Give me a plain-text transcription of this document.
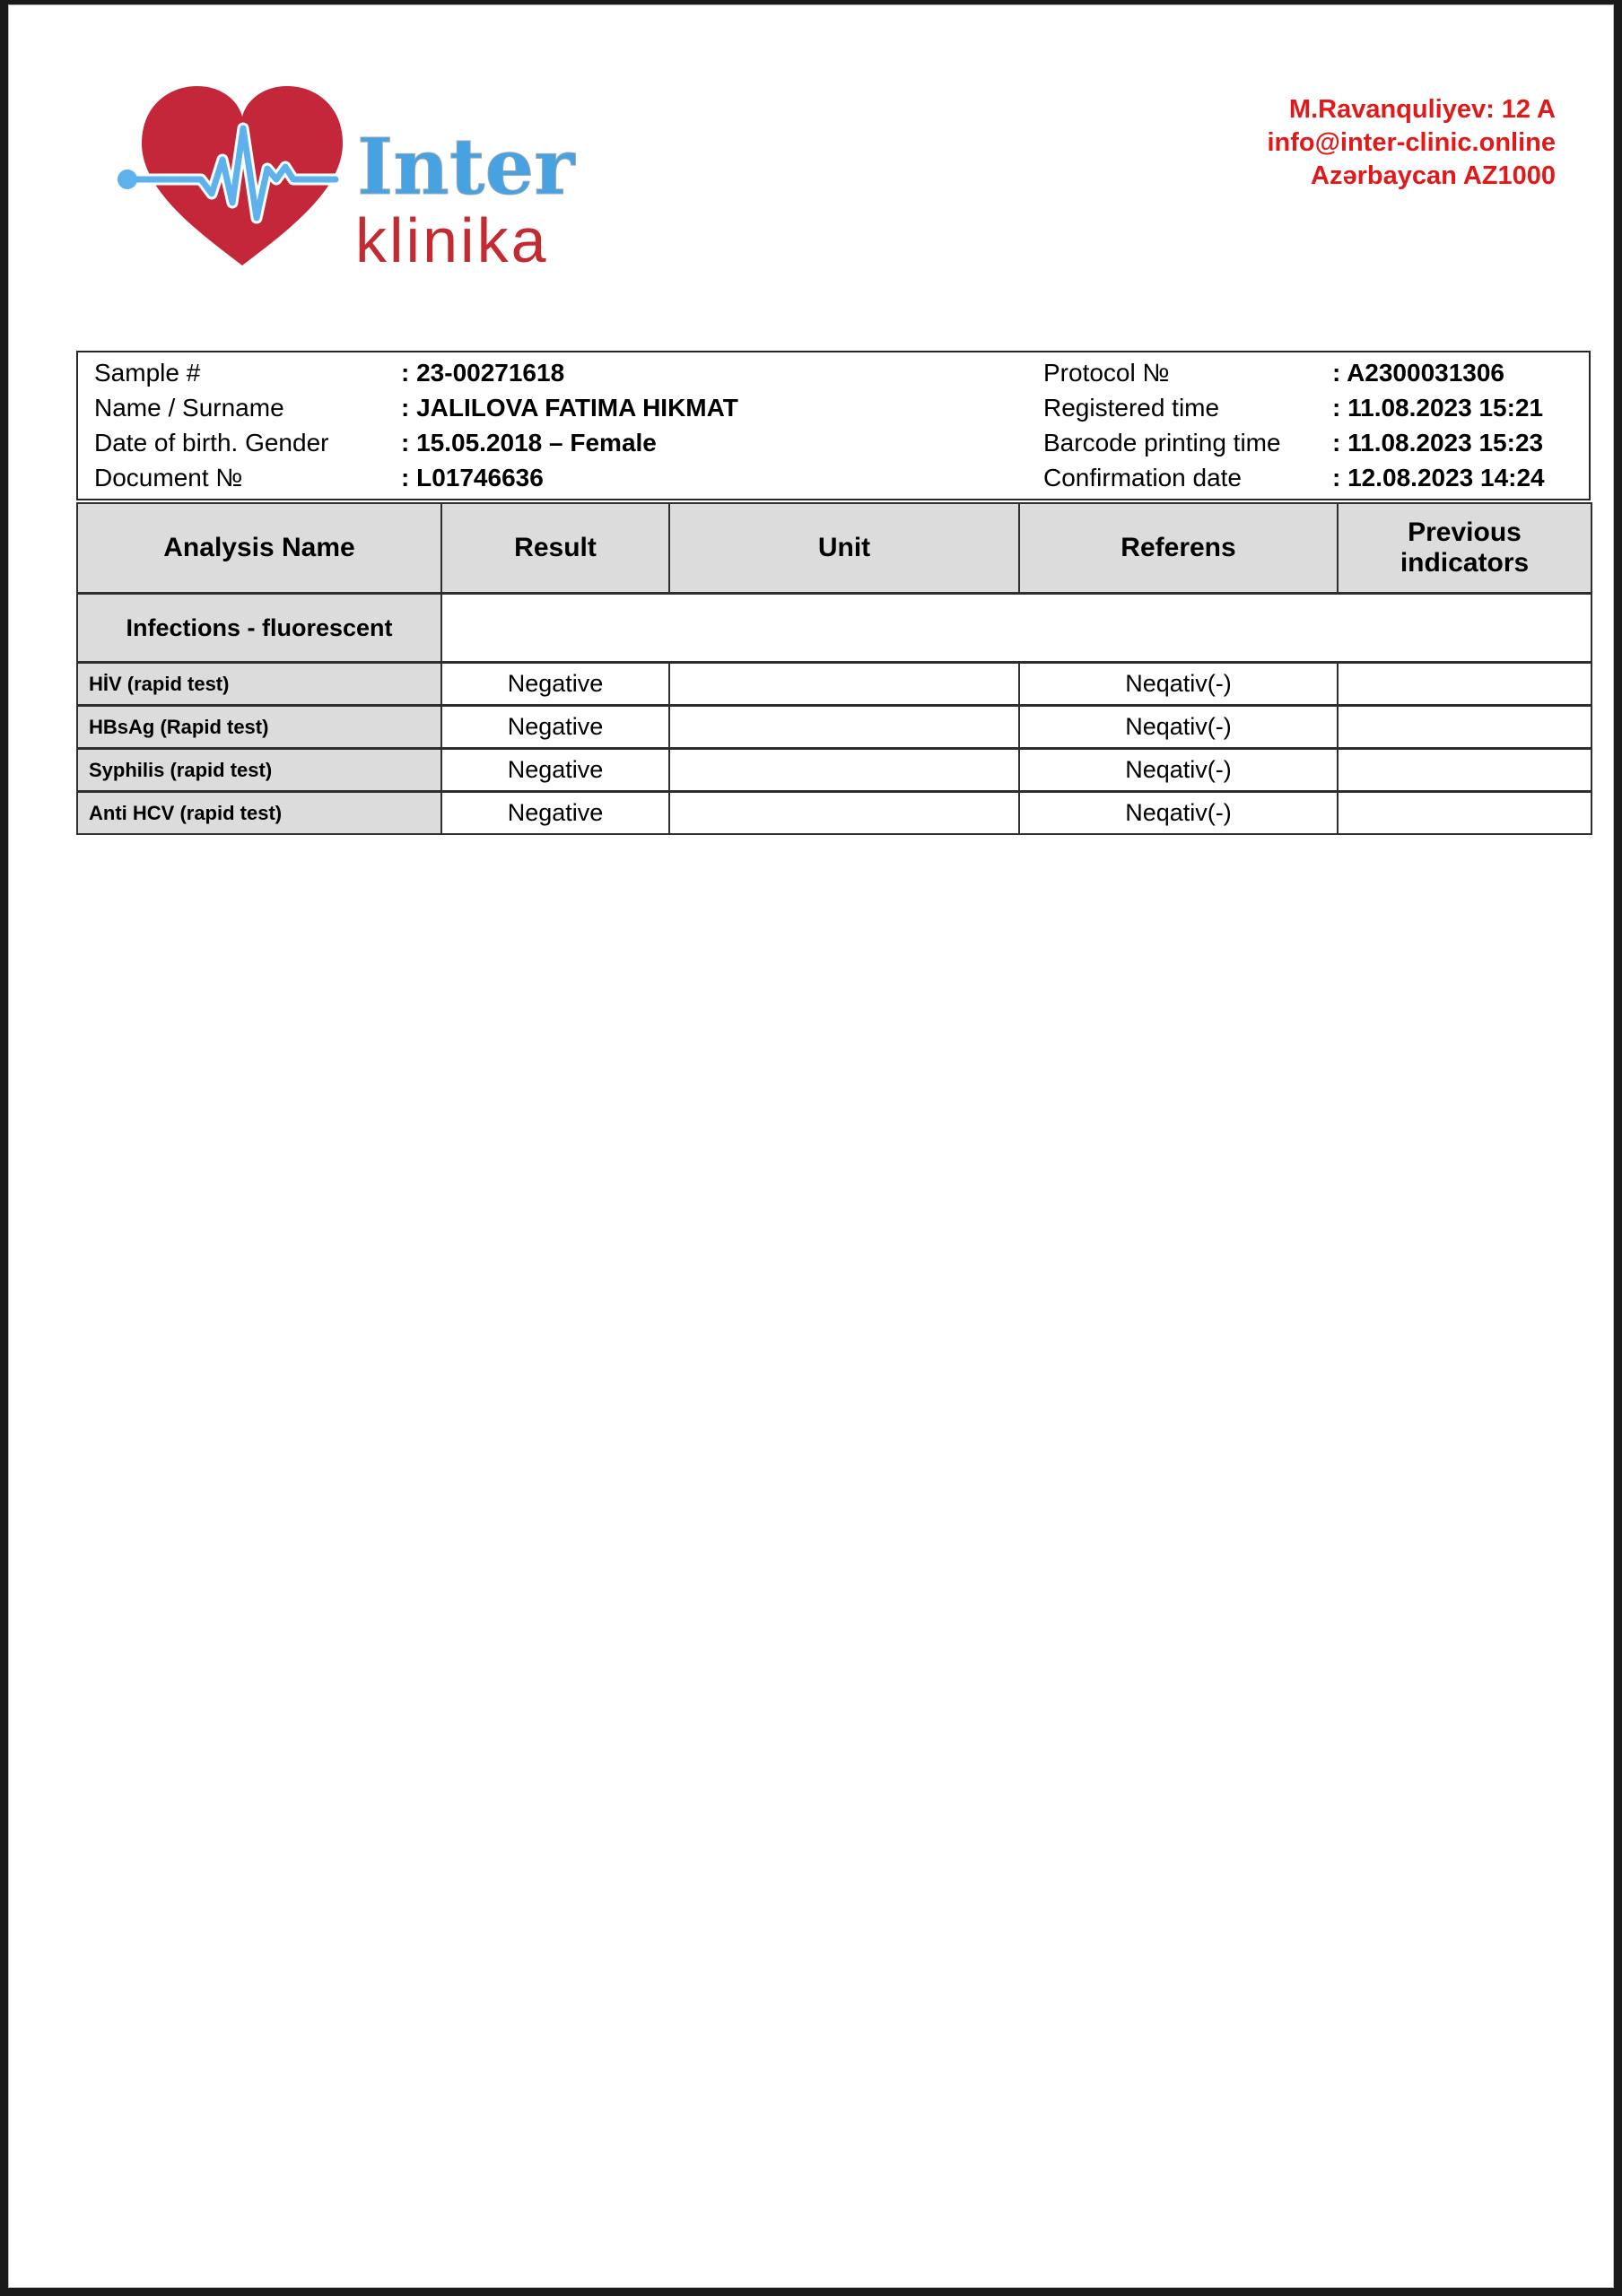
Inter
klinika
M.Ravanquliyev: 12 A
info@inter-clinic.online
Azərbaycan AZ1000
Sample #	: 23-00271618	Protocol №	: A2300031306
Name / Surname	: JALILOVA FATIMA HIKMAT	Registered time	: 11.08.2023 15:21
Date of birth. Gender	: 15.05.2018 – Female	Barcode printing time	: 11.08.2023 15:23
Document №	: L01746636	Confirmation date	: 12.08.2023 14:24
Analysis Name	Result	Unit	Referens	Previous indicators
Infections - fluorescent				
HİV (rapid test)	Negative		Neqativ(-)	
HBsAg (Rapid test)	Negative		Neqativ(-)	
Syphilis (rapid test)	Negative		Neqativ(-)	
Anti HCV (rapid test)	Negative		Neqativ(-)	
